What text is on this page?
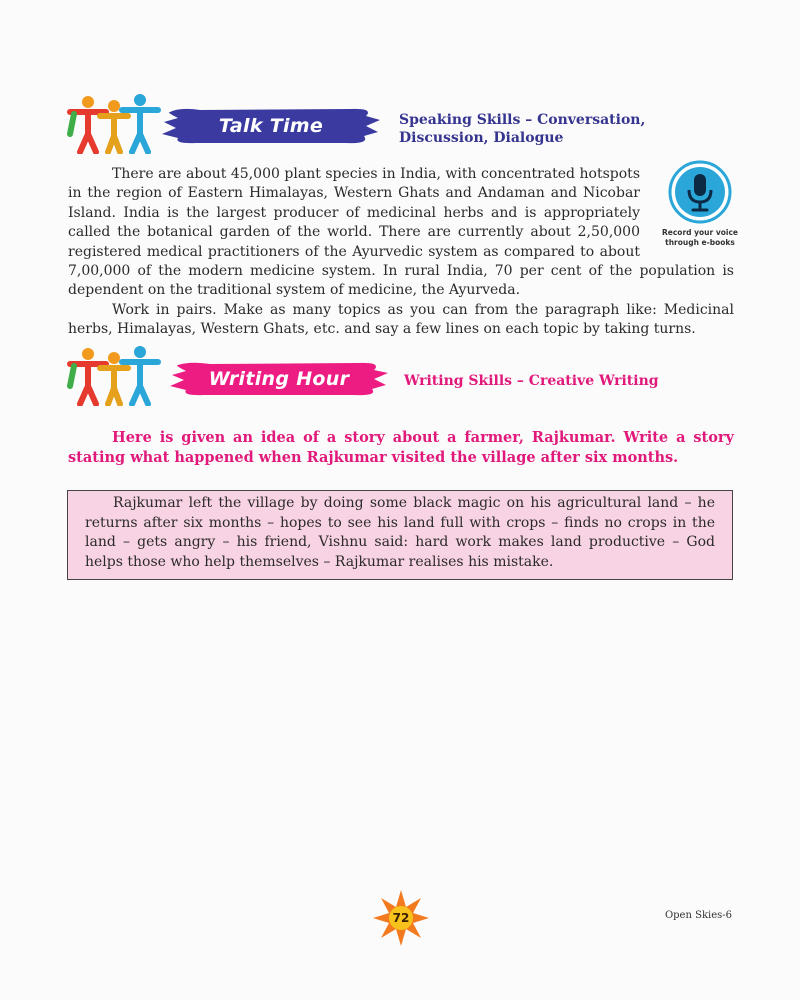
Talk Time	Speaking Skills – Conversation,
Discussion, Dialogue
Record your voice
through e-books

There are about 45,000 plant species in India, with concentrated hotspots in the region of Eastern Himalayas, Western Ghats and Andaman and Nicobar Island. India is the largest producer of medicinal herbs and is appropriately called the botanical garden of the world. There are currently about 2,50,000 registered medical practitioners of the Ayurvedic system as compared to about 7,00,000 of the modern medicine system. In rural India, 70 per cent of the population is dependent on the traditional system of medicine, the Ayurveda.

Work in pairs. Make as many topics as you can from the paragraph like: Medicinal herbs, Himalayas, Western Ghats, etc. and say a few lines on each topic by taking turns.

Writing Hour	Writing Skills – Creative Writing

Here is given an idea of a story about a farmer, Rajkumar. Write a story stating what happened when Rajkumar visited the village after six months.

Rajkumar left the village by doing some black magic on his agricultural land – he returns after six months – hopes to see his land full with crops – finds no crops in the land – gets angry – his friend, Vishnu said: hard work makes land productive – God helps those who help themselves – Rajkumar realises his mistake.

72	Open Skies-6
